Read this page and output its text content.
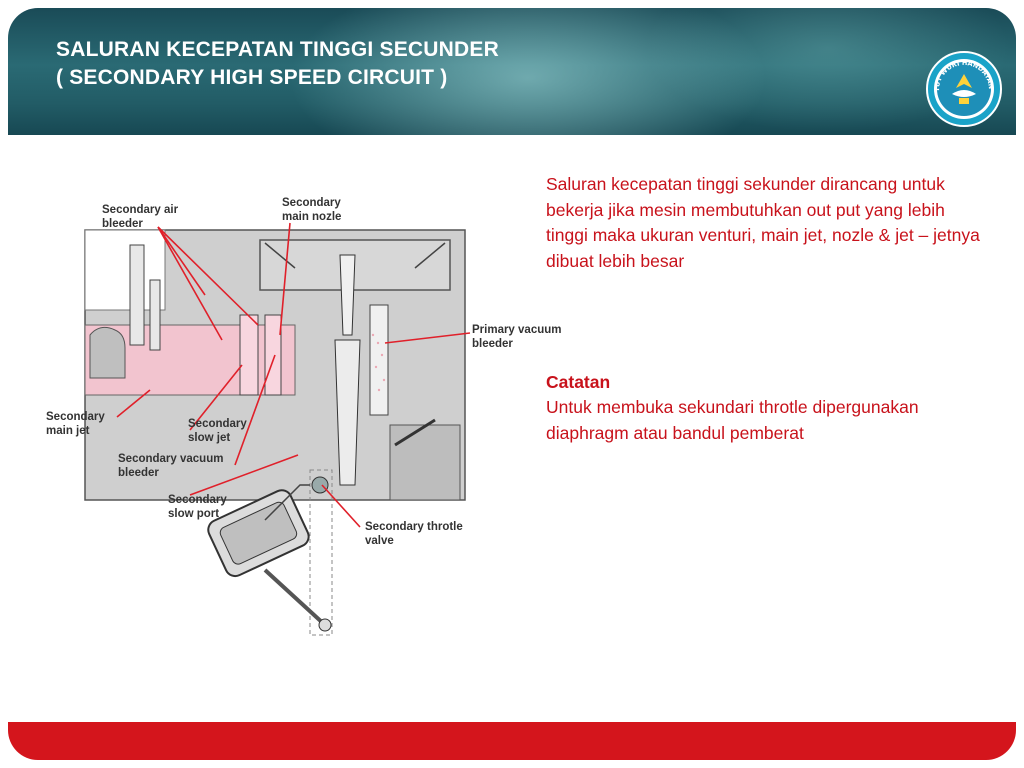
SALURAN KECEPATAN TINGGI SECUNDER
( SECONDARY HIGH SPEED CIRCUIT )
TUT WURI HANDAYAN
Secondary air
bleeder
Secondary
main nozle
Primary vacuum
bleeder
Secondary
main jet
Secondary
slow jet
Secondary vacuum
bleeder
Secondary
slow port
Secondary throtle
valve
Saluran kecepatan tinggi sekunder dirancang untuk bekerja jika mesin membutuhkan out put yang lebih tinggi maka ukuran venturi, main jet, nozle & jet – jetnya dibuat lebih besar
Catatan
Untuk membuka sekundari throtle dipergunakan diaphragm atau bandul pemberat
